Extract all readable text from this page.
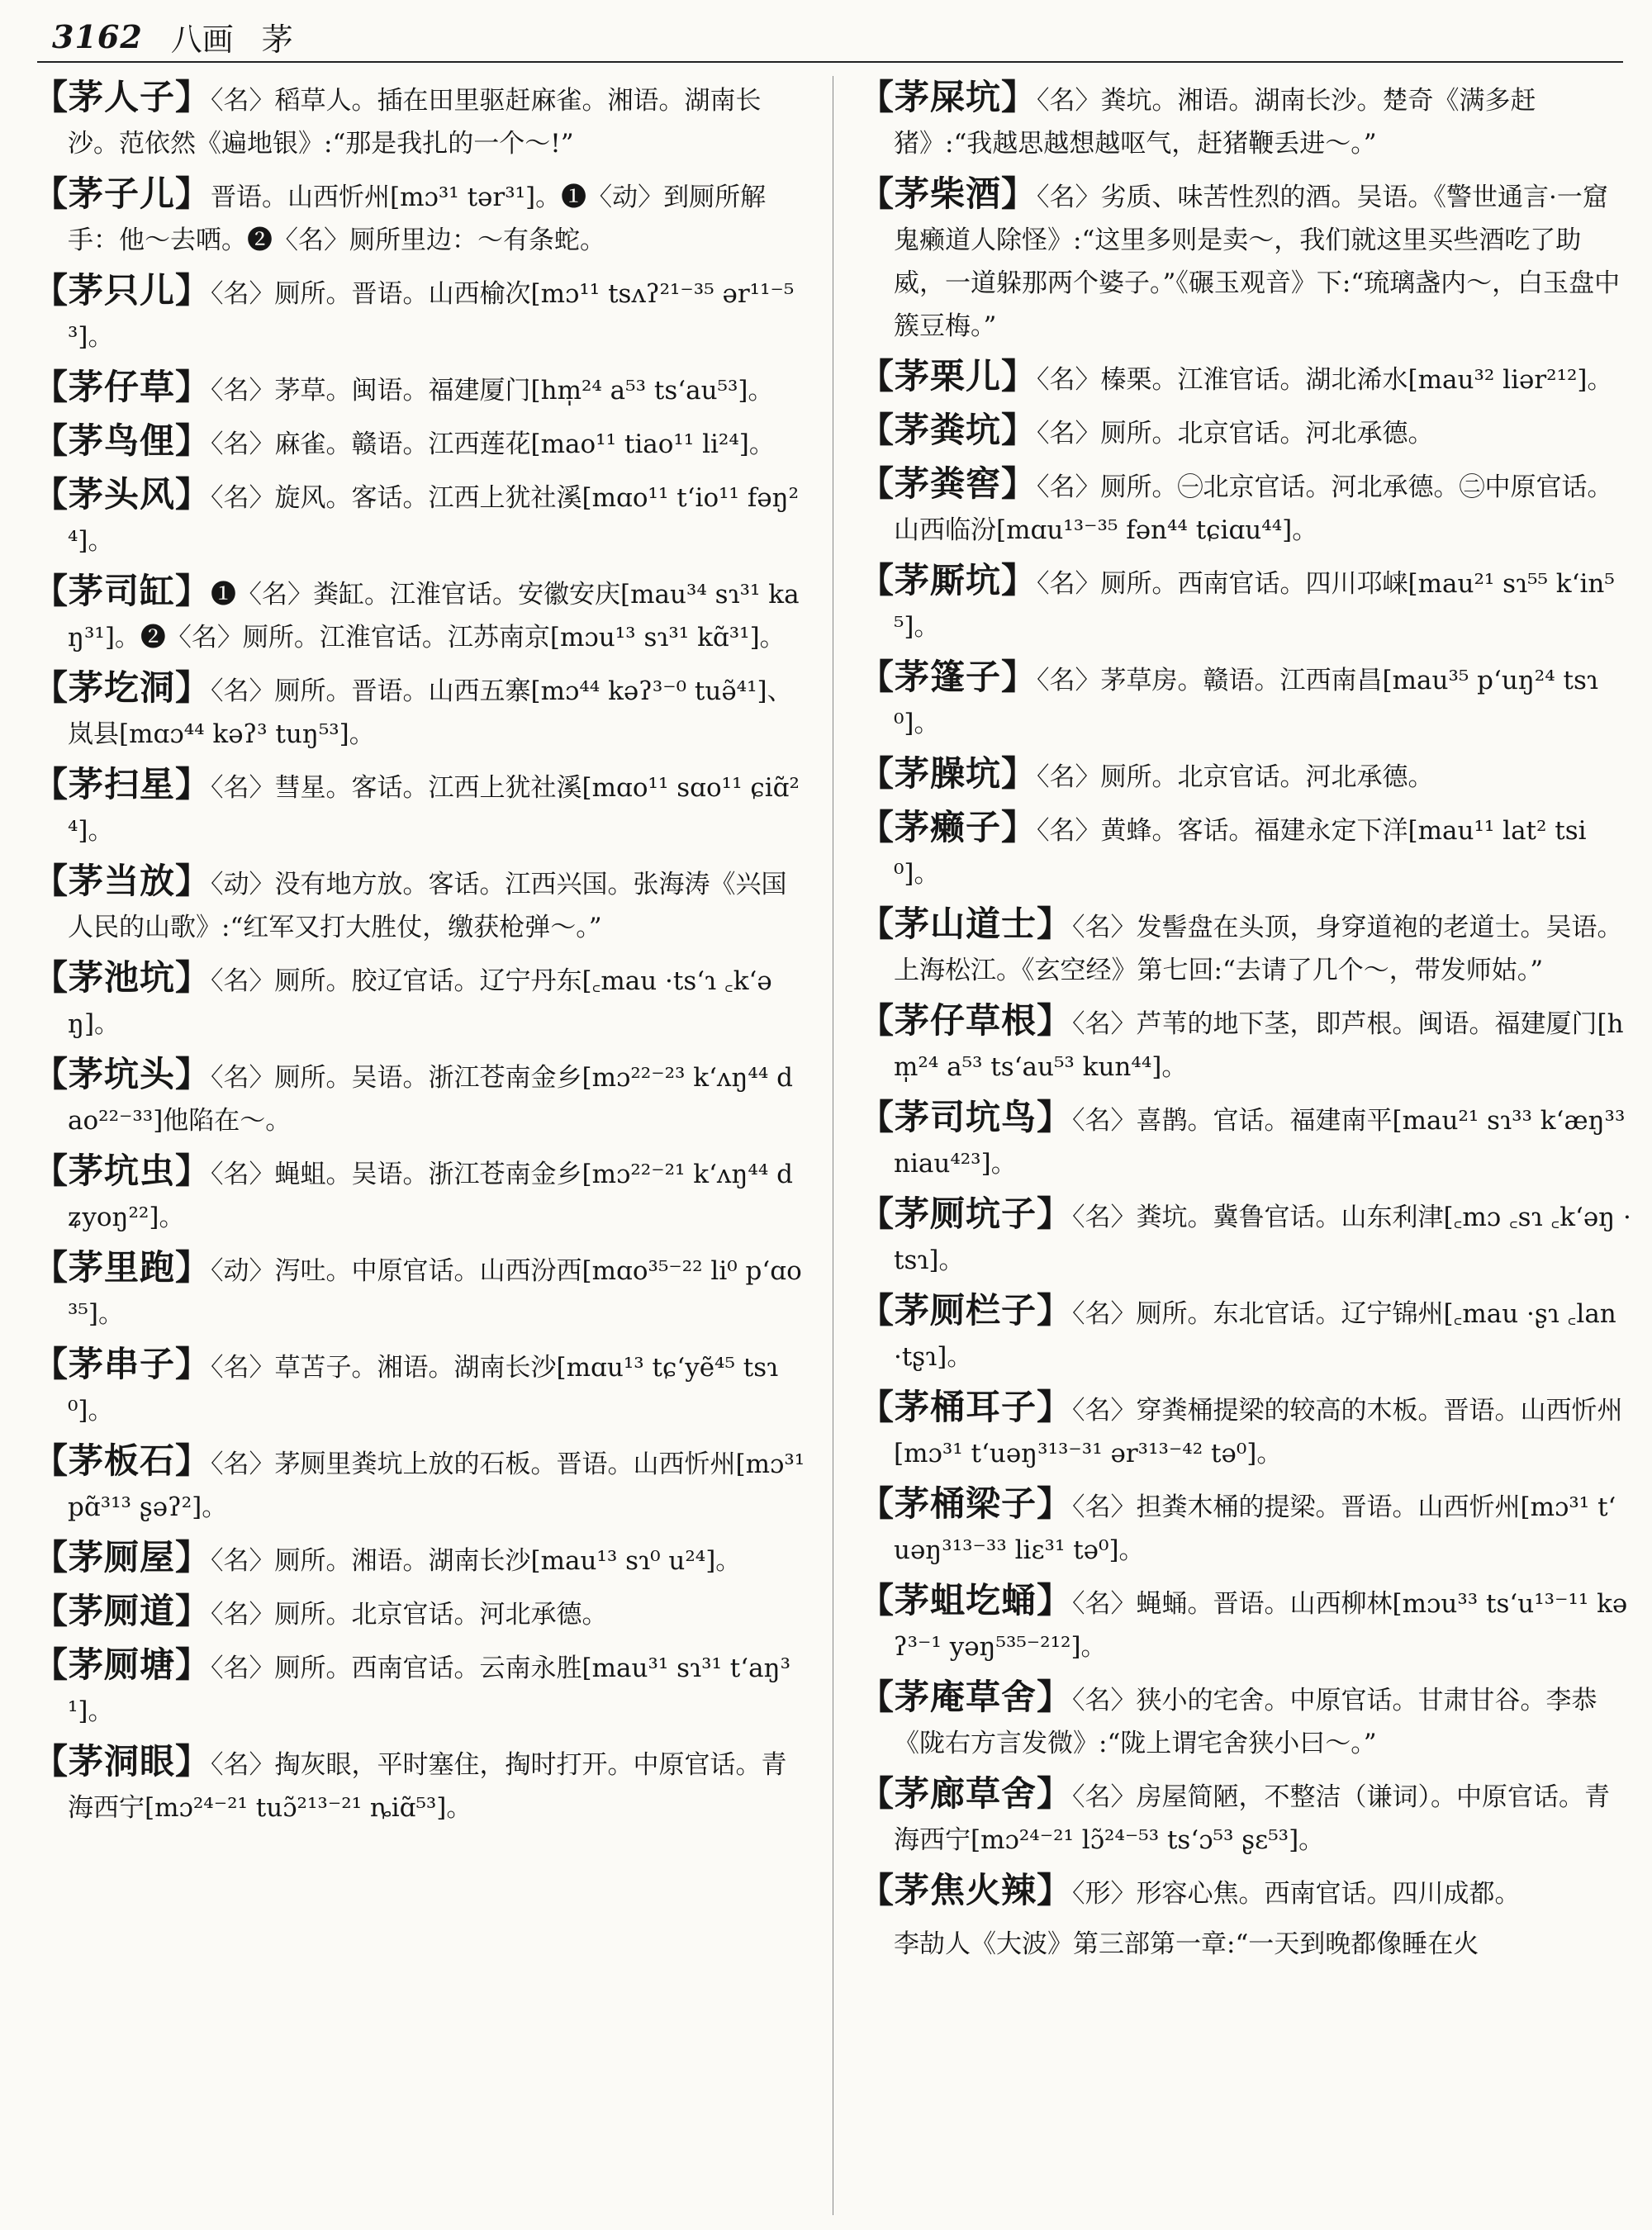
3162 八画 茅

【茅人子】〈名〉稻草人。插在田里驱赶麻雀。湘语。湖南长沙。范依然《遍地银》:“那是我扎的一个～!”

【茅子儿】晋语。山西忻州[mɔ³¹ tər³¹]。❶〈动〉到厕所解手：他～去哂。❷〈名〉厕所里边：～有条蛇。

【茅只儿】〈名〉厕所。晋语。山西榆次[mɔ¹¹ tsʌʔ²¹⁻³⁵ ər¹¹⁻⁵³]。

【茅仔草】〈名〉茅草。闽语。福建厦门[hm̩²⁴ a⁵³ tsʻau⁵³]。

【茅鸟俚】〈名〉麻雀。赣语。江西莲花[mao¹¹ tiao¹¹ li²⁴]。

【茅头风】〈名〉旋风。客话。江西上犹社溪[mɑo¹¹ tʻio¹¹ fəŋ²⁴]。

【茅司缸】❶〈名〉粪缸。江淮官话。安徽安庆[mau³⁴ sɿ³¹ kaŋ³¹]。❷〈名〉厕所。江淮官话。江苏南京[mɔu¹³ sɿ³¹ kɑ̃³¹]。

【茅圪洞】〈名〉厕所。晋语。山西五寨[mɔ⁴⁴ kəʔ³⁻⁰ tuə̃⁴¹]、岚县[mɑɔ⁴⁴ kəʔ³ tuŋ⁵³]。

【茅扫星】〈名〉彗星。客话。江西上犹社溪[mɑo¹¹ sɑo¹¹ ɕiɑ̃²⁴]。

【茅当放】〈动〉没有地方放。客话。江西兴国。张海涛《兴国人民的山歌》:“红军又打大胜仗，缴获枪弹～。”

【茅池坑】〈名〉厕所。胶辽官话。辽宁丹东[꜀mau ·tsʻɿ ꜀kʻəŋ]。

【茅坑头】〈名〉厕所。吴语。浙江苍南金乡[mɔ²²⁻²³ kʻʌŋ⁴⁴ dao²²⁻³³]他陷在～。

【茅坑虫】〈名〉蝇蛆。吴语。浙江苍南金乡[mɔ²²⁻²¹ kʻʌŋ⁴⁴ dʑyoŋ²²]。

【茅里跑】〈动〉泻吐。中原官话。山西汾西[mɑo³⁵⁻²² li⁰ pʻɑo³⁵]。

【茅串子】〈名〉草苫子。湘语。湖南长沙[mɑu¹³ tɕʻyẽ⁴⁵ tsɿ⁰]。

【茅板石】〈名〉茅厕里粪坑上放的石板。晋语。山西忻州[mɔ³¹ pɑ̃³¹³ ʂəʔ²]。

【茅厕屋】〈名〉厕所。湘语。湖南长沙[mau¹³ sɿ⁰ u²⁴]。

【茅厕道】〈名〉厕所。北京官话。河北承德。

【茅厕塘】〈名〉厕所。西南官话。云南永胜[mau³¹ sɿ³¹ tʻaŋ³¹]。

【茅洞眼】〈名〉掏灰眼，平时塞住，掏时打开。中原官话。青海西宁[mɔ²⁴⁻²¹ tuɔ̃²¹³⁻²¹ ȵiɑ̃⁵³]。

【茅屎坑】〈名〉粪坑。湘语。湖南长沙。楚奇《满多赶猪》:“我越思越想越呕气，赶猪鞭丢进～。”

【茅柴酒】〈名〉劣质、味苦性烈的酒。吴语。《警世通言·一窟鬼癞道人除怪》:“这里多则是卖～，我们就这里买些酒吃了助威，一道躲那两个婆子。”《碾玉观音》下:“琉璃盏内～，白玉盘中簇豆梅。”

【茅栗儿】〈名〉榛栗。江淮官话。湖北浠水[mau³² liər²¹²]。

【茅粪坑】〈名〉厕所。北京官话。河北承德。

【茅粪窖】〈名〉厕所。㊀北京官话。河北承德。㊁中原官话。山西临汾[mɑu¹³⁻³⁵ fən⁴⁴ tɕiɑu⁴⁴]。

【茅厮坑】〈名〉厕所。西南官话。四川邛崃[mau²¹ sɿ⁵⁵ kʻin⁵⁵]。

【茅篷子】〈名〉茅草房。赣语。江西南昌[mau³⁵ pʻuŋ²⁴ tsɿ⁰]。

【茅臊坑】〈名〉厕所。北京官话。河北承德。

【茅癞子】〈名〉黄蜂。客话。福建永定下洋[mau¹¹ lat² tsi⁰]。

【茅山道士】〈名〉发髻盘在头顶，身穿道袍的老道士。吴语。上海松江。《玄空经》第七回:“去请了几个～，带发师姑。”

【茅仔草根】〈名〉芦苇的地下茎，即芦根。闽语。福建厦门[hm̩²⁴ a⁵³ tsʻau⁵³ kun⁴⁴]。

【茅司坑鸟】〈名〉喜鹊。官话。福建南平[mau²¹ sɿ³³ kʻæŋ³³ niau⁴²³]。

【茅厕坑子】〈名〉粪坑。冀鲁官话。山东利津[꜀mɔ ꜀sɿ ꜀kʻəŋ ·tsɿ]。

【茅厕栏子】〈名〉厕所。东北官话。辽宁锦州[꜀mau ·ʂɿ ꜀lan ·tʂɿ]。

【茅桶耳子】〈名〉穿粪桶提梁的较高的木板。晋语。山西忻州[mɔ³¹ tʻuəŋ³¹³⁻³¹ ər³¹³⁻⁴² tə⁰]。

【茅桶梁子】〈名〉担粪木桶的提梁。晋语。山西忻州[mɔ³¹ tʻuəŋ³¹³⁻³³ liɛ³¹ tə⁰]。

【茅蛆圪蛹】〈名〉蝇蛹。晋语。山西柳林[mɔu³³ tsʻu¹³⁻¹¹ kəʔ³⁻¹ yəŋ⁵³⁵⁻²¹²]。

【茅庵草舍】〈名〉狭小的宅舍。中原官话。甘肃甘谷。李恭《陇右方言发微》:“陇上谓宅舍狭小曰～。”

【茅廊草舍】〈名〉房屋简陋，不整洁（谦词）。中原官话。青海西宁[mɔ²⁴⁻²¹ lɔ̃²⁴⁻⁵³ tsʻɔ⁵³ ʂɛ⁵³]。

【茅焦火辣】〈形〉形容心焦。西南官话。四川成都。

李劼人《大波》第三部第一章:“一天到晚都像睡在火
